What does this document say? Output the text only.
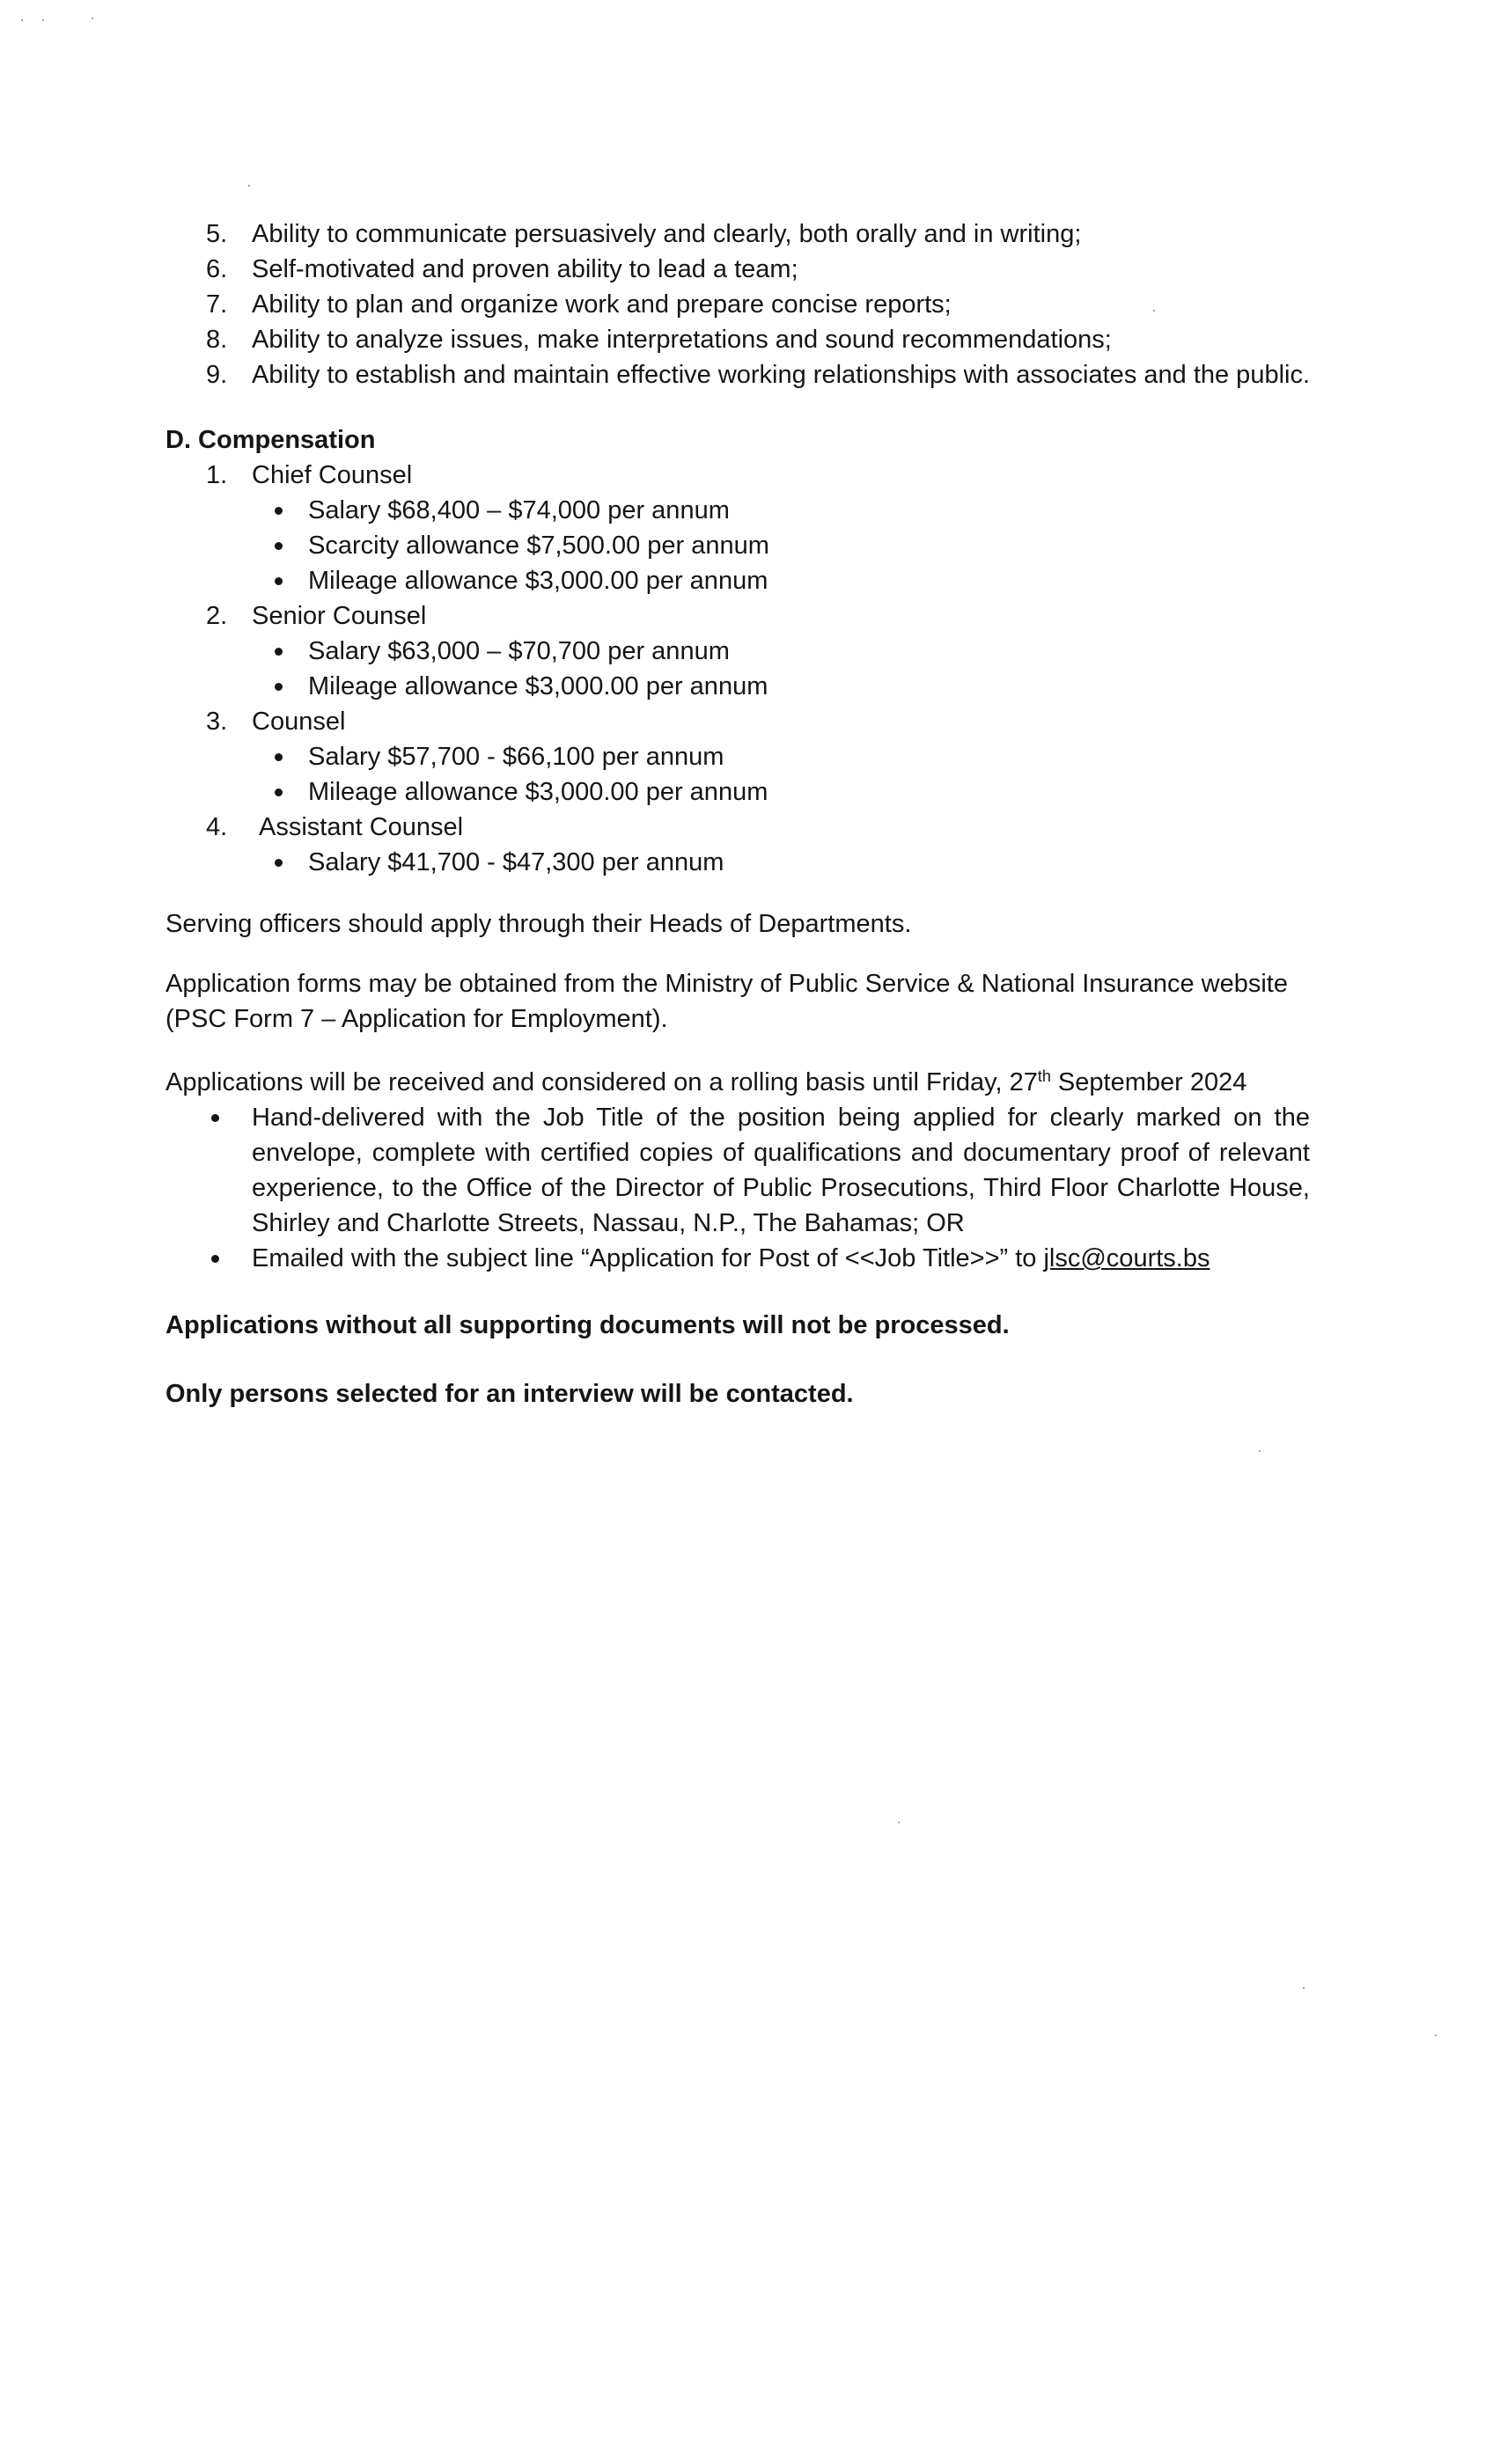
5. Ability to communicate persuasively and clearly, both orally and in writing;
6. Self-motivated and proven ability to lead a team;
7. Ability to plan and organize work and prepare concise reports;
8. Ability to analyze issues, make interpretations and sound recommendations;
9. Ability to establish and maintain effective working relationships with associates and the public.
D. Compensation
1. Chief Counsel
Salary $68,400 – $74,000 per annum
Scarcity allowance $7,500.00 per annum
Mileage allowance $3,000.00 per annum
2. Senior Counsel
Salary $63,000 – $70,700 per annum
Mileage allowance $3,000.00 per annum
3. Counsel
Salary $57,700 - $66,100 per annum
Mileage allowance $3,000.00 per annum
4. Assistant Counsel
Salary $41,700 - $47,300 per annum

Serving officers should apply through their Heads of Departments.

Application forms may be obtained from the Ministry of Public Service & National Insurance website (PSC Form 7 – Application for Employment).

Applications will be received and considered on a rolling basis until Friday, 27th September 2024

Hand-delivered with the Job Title of the position being applied for clearly marked on the envelope, complete with certified copies of qualifications and documentary proof of relevant experience, to the Office of the Director of Public Prosecutions, Third Floor Charlotte House, Shirley and Charlotte Streets, Nassau, N.P., The Bahamas; OR
Emailed with the subject line “Application for Post of <<Job Title>>” to jlsc@courts.bs

Applications without all supporting documents will not be processed.

Only persons selected for an interview will be contacted.
